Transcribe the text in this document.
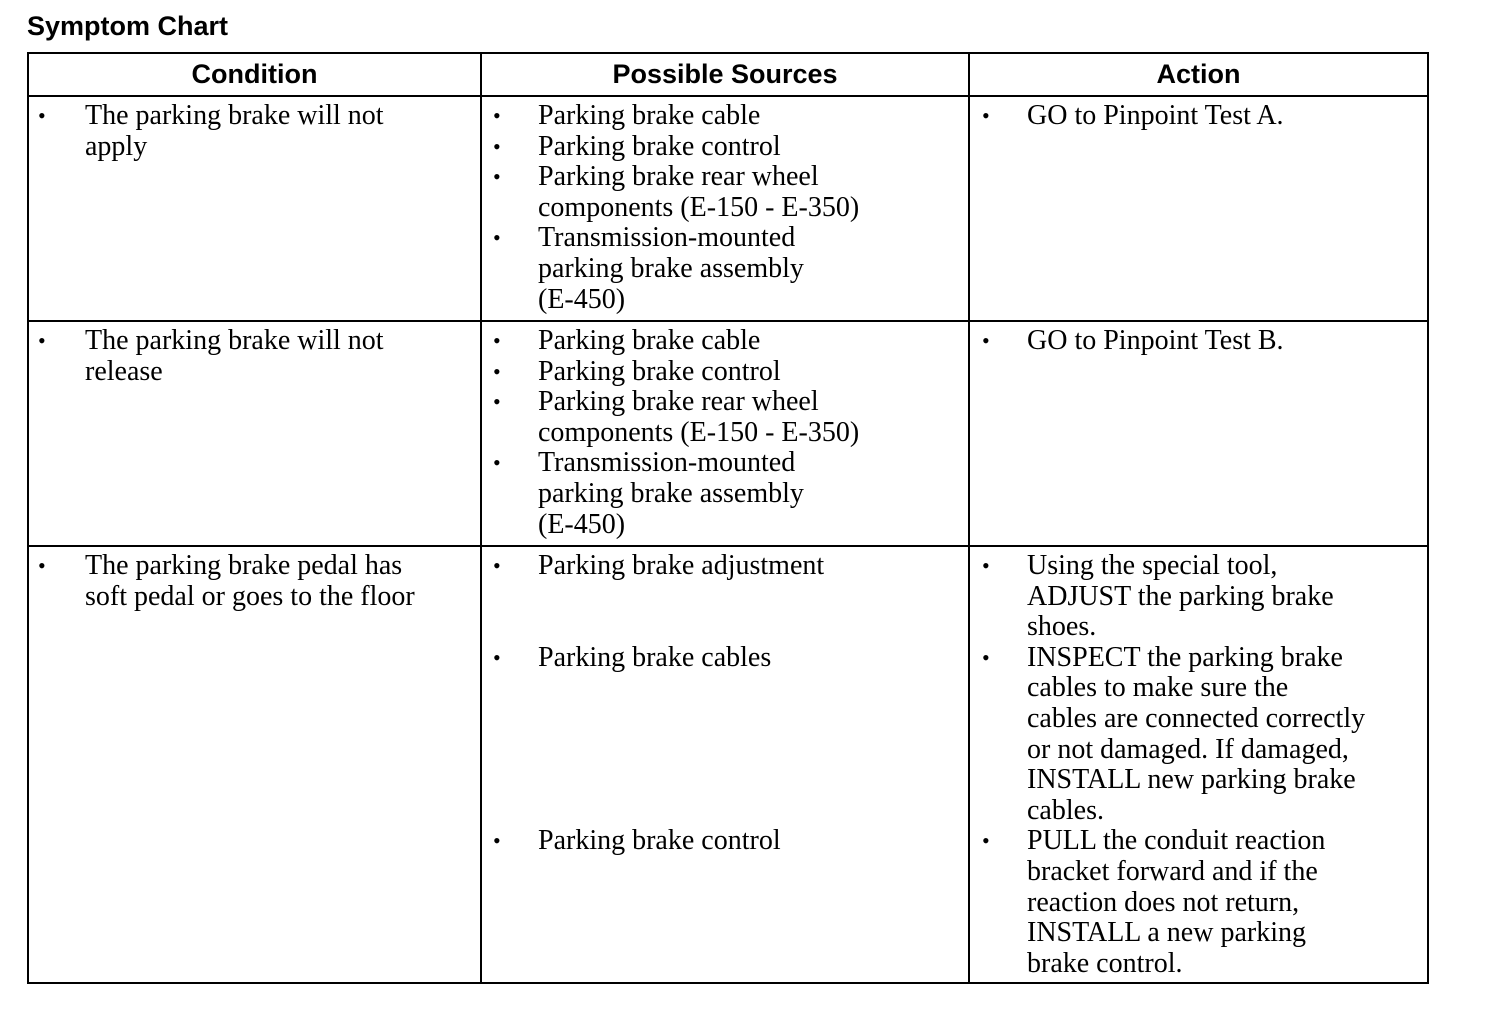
Symptom Chart
Condition	Possible Sources	Action
• The parking brake will not
apply
• Parking brake cable
• Parking brake control
• Parking brake rear wheel
components (E-150 - E-350)
• Transmission-mounted
parking brake assembly
(E-450)
• GO to Pinpoint Test A.
• The parking brake will not
release
• Parking brake cable
• Parking brake control
• Parking brake rear wheel
components (E-150 - E-350)
• Transmission-mounted
parking brake assembly
(E-450)
• GO to Pinpoint Test B.
• The parking brake pedal has
soft pedal or goes to the floor
• Parking brake adjustment
• Parking brake cables
• Parking brake control
• Using the special tool,
ADJUST the parking brake
shoes.
• INSPECT the parking brake
cables to make sure the
cables are connected correctly
or not damaged. If damaged,
INSTALL new parking brake
cables.
• PULL the conduit reaction
bracket forward and if the
reaction does not return,
INSTALL a new parking
brake control.
